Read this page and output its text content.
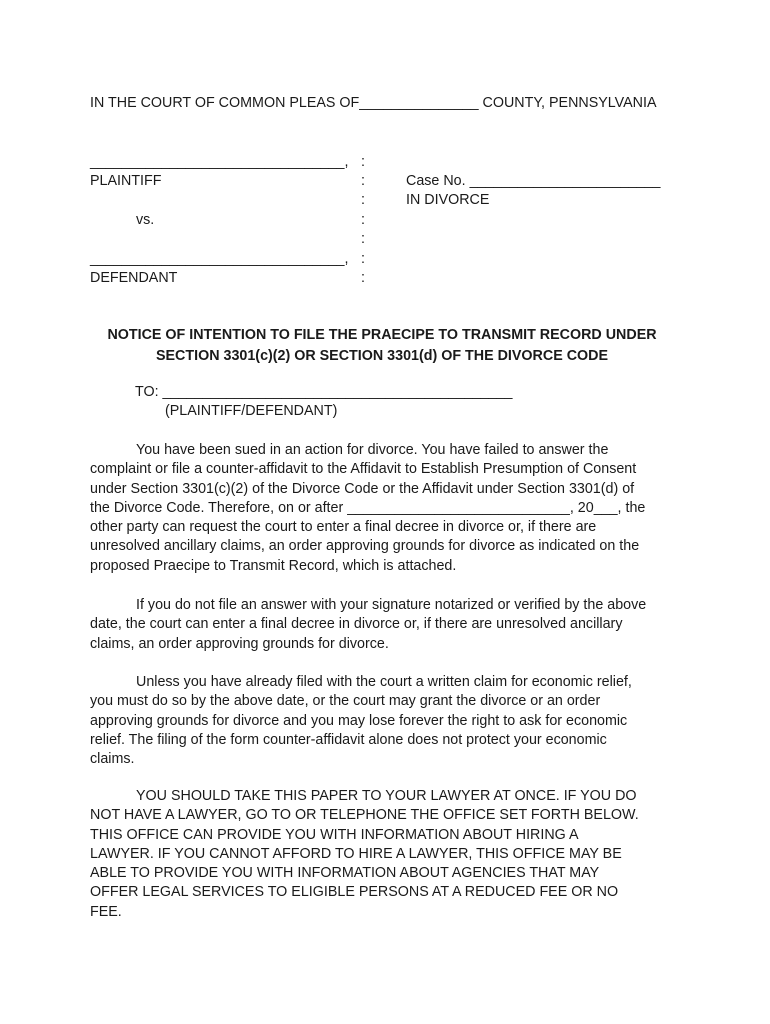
IN THE COURT OF COMMON PLEAS OF_______________ COUNTY, PENNSYLVANIA
________________________________,
PLAINTIFF
vs.
________________________________,
DEFENDANT
:
:
:
:
:
:
:
Case No. ________________________
IN DIVORCE
NOTICE OF INTENTION TO FILE THE PRAECIPE TO TRANSMIT RECORD UNDER
SECTION 3301(c)(2) OR SECTION 3301(d) OF THE DIVORCE CODE
TO: ____________________________________________
(PLAINTIFF/DEFENDANT)
You have been sued in an action for divorce. You have failed to answer the
complaint or file a counter-affidavit to the Affidavit to Establish Presumption of Consent
under Section 3301(c)(2) of the Divorce Code or the Affidavit under Section 3301(d) of
the Divorce Code. Therefore, on or after ____________________________, 20___, the
other party can request the court to enter a final decree in divorce or, if there are
unresolved ancillary claims, an order approving grounds for divorce as indicated on the
proposed Praecipe to Transmit Record, which is attached.
If you do not file an answer with your signature notarized or verified by the above
date, the court can enter a final decree in divorce or, if there are unresolved ancillary
claims, an order approving grounds for divorce.
Unless you have already filed with the court a written claim for economic relief,
you must do so by the above date, or the court may grant the divorce or an order
approving grounds for divorce and you may lose forever the right to ask for economic
relief. The filing of the form counter-affidavit alone does not protect your economic
claims.
YOU SHOULD TAKE THIS PAPER TO YOUR LAWYER AT ONCE. IF YOU DO
NOT HAVE A LAWYER, GO TO OR TELEPHONE THE OFFICE SET FORTH BELOW.
THIS OFFICE CAN PROVIDE YOU WITH INFORMATION ABOUT HIRING A
LAWYER. IF YOU CANNOT AFFORD TO HIRE A LAWYER, THIS OFFICE MAY BE
ABLE TO PROVIDE YOU WITH INFORMATION ABOUT AGENCIES THAT MAY
OFFER LEGAL SERVICES TO ELIGIBLE PERSONS AT A REDUCED FEE OR NO
FEE.
